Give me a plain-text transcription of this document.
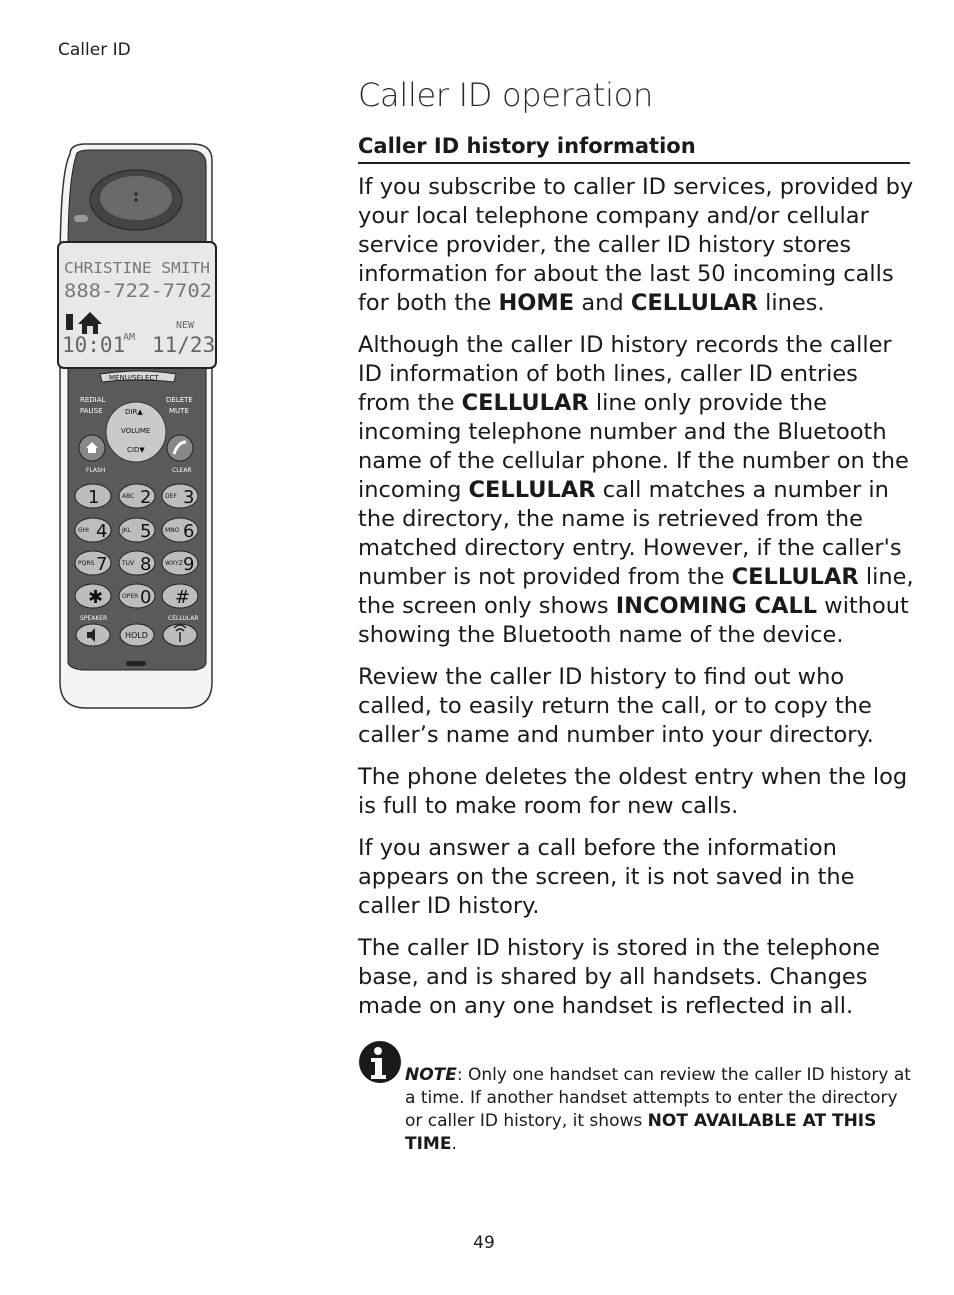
Caller ID
Caller ID operation
Caller ID history information
CHRISTINE SMITH
888-722-7702
NEW
10:01
AM 11/23
MENU/SELECT
REDIAL
PAUSE
DELETE
MUTE
DIR▲
VOLUME
CID▼
FLASH	CLEAR
1	ABC 2 DEF 3
GHI 4 JKL 5 MNO 6
PQRS 7 TUV 8 WXYZ 9
✱	OPER 0 #
SPEAKER	CELLULAR
HOLD

If you subscribe to caller ID services, provided by your local telephone company and/or cellular service provider, the caller ID history stores information for about the last 50 incoming calls for both the HOME and CELLULAR lines.

Although the caller ID history records the caller ID information of both lines, caller ID entries from the CELLULAR line only provide the incoming telephone number and the Bluetooth name of the cellular phone. If the number on the incoming CELLULAR call matches a number in the directory, the name is retrieved from the matched directory entry. However, if the caller's number is not provided from the CELLULAR line, the screen only shows INCOMING CALL without showing the Bluetooth name of the device.

Review the caller ID history to find out who called, to easily return the call, or to copy the caller’s name and number into your directory.

The phone deletes the oldest entry when the log is full to make room for new calls.

If you answer a call before the information appears on the screen, it is not saved in the caller ID history.

The caller ID history is stored in the telephone base, and is shared by all handsets. Changes made on any one handset is reflected in all.

NOTE: Only one handset can review the caller ID history at a time. If another handset attempts to enter the directory or caller ID history, it shows NOT AVAILABLE AT THIS TIME.
49
